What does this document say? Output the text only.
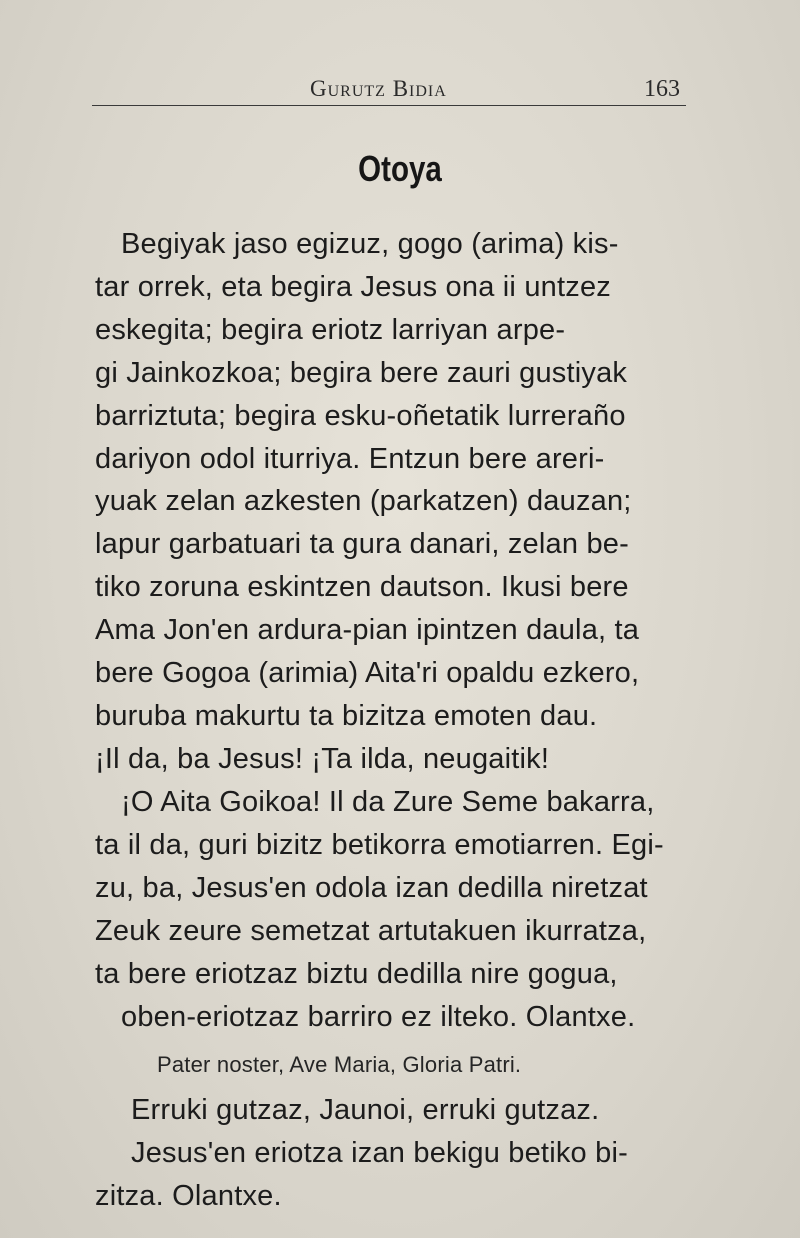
Gurutz Bidia	163
Otoya
Begiyak jaso egizuz, gogo (arima) kis-
tar orrek, eta begira Jesus ona ii untzez
eskegita; begira eriotz larriyan arpe-
gi Jainkozkoa; begira bere zauri gustiyak
barriztuta; begira esku-oñetatik lurreraño
dariyon odol iturriya. Entzun bere areri-
yuak zelan azkesten (parkatzen) dauzan;
lapur garbatuari ta gura danari, zelan be-
tiko zoruna eskintzen dautson. Ikusi bere
Ama Jon'en ardura-pian ipintzen daula, ta
bere Gogoa (arimia) Aita'ri opaldu ezkero,
buruba makurtu ta bizitza emoten dau.
¡Il da, ba Jesus! ¡Ta ilda, neugaitik!
¡O Aita Goikoa! Il da Zure Seme bakarra,
ta il da, guri bizitz betikorra emotiarren. Egi-
zu, ba, Jesus'en odola izan dedilla niretzat
Zeuk zeure semetzat artutakuen ikurratza,
ta bere eriotzaz biztu dedilla nire gogua,
oben-eriotzaz barriro ez ilteko. Olantxe.
Pater noster, Ave Maria, Gloria Patri.
Erruki gutzaz, Jaunoi, erruki gutzaz.
Jesus'en eriotza izan bekigu betiko bi-
zitza. Olantxe.
